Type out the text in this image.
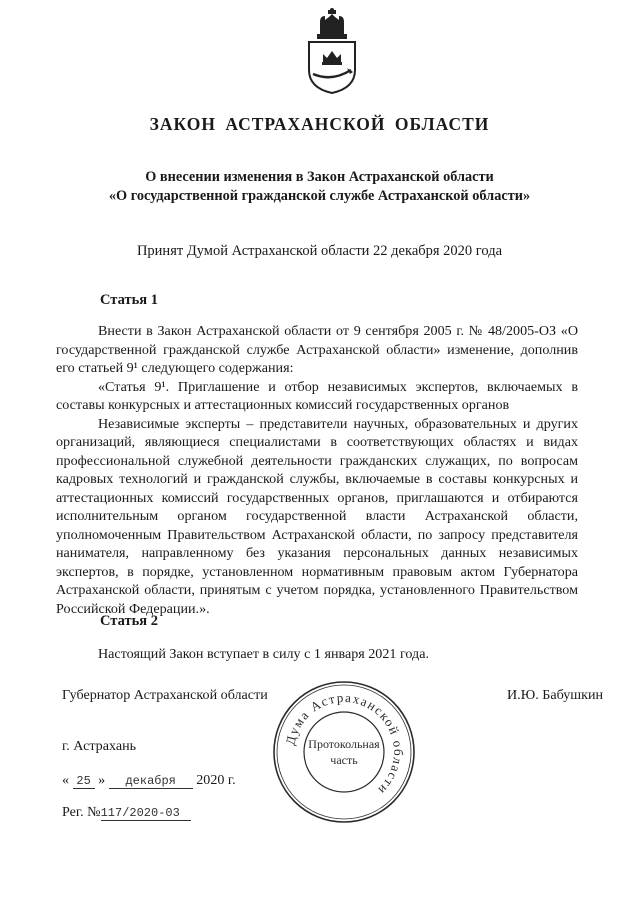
ЗАКОН АСТРАХАНСКОЙ ОБЛАСТИ
О внесении изменения в Закон Астраханской области
«О государственной гражданской службе Астраханской области»
Принят Думой Астраханской области 22 декабря 2020 года
Статья 1

Внести в Закон Астраханской области от 9 сентября 2005 г. № 48/2005-ОЗ «О государственной гражданской службе Астраханской области» изменение, дополнив его статьей 9¹ следующего содержания:

«Статья 9¹. Приглашение и отбор независимых экспертов, включаемых в составы конкурсных и аттестационных комиссий государственных органов

Независимые эксперты – представители научных, образовательных и других организаций, являющиеся специалистами в соответствующих областях и видах профессиональной служебной деятельности гражданских служащих, по вопросам кадровых технологий и гражданской службы, включаемые в составы конкурсных и аттестационных комиссий государственных органов, приглашаются и отбираются исполнительным органом государственной власти Астраханской области, уполномоченным Правительством Астраханской области, по запросу представителя нанимателя, направленному без указания персональных данных независимых экспертов, в порядке, установленном нормативным правовым актом Губернатора Астраханской области, принятым с учетом порядка, установленного Правительством Российской Федерации.».

Статья 2
Настоящий Закон вступает в силу с 1 января 2021 года.
Губернатор Астраханской области	И.Ю. Бабушкин
г. Астрахань
« 25 » декабря 2020 г.
Рег. №117/2020-03
Дума Астраханской области
Протокольная
часть
